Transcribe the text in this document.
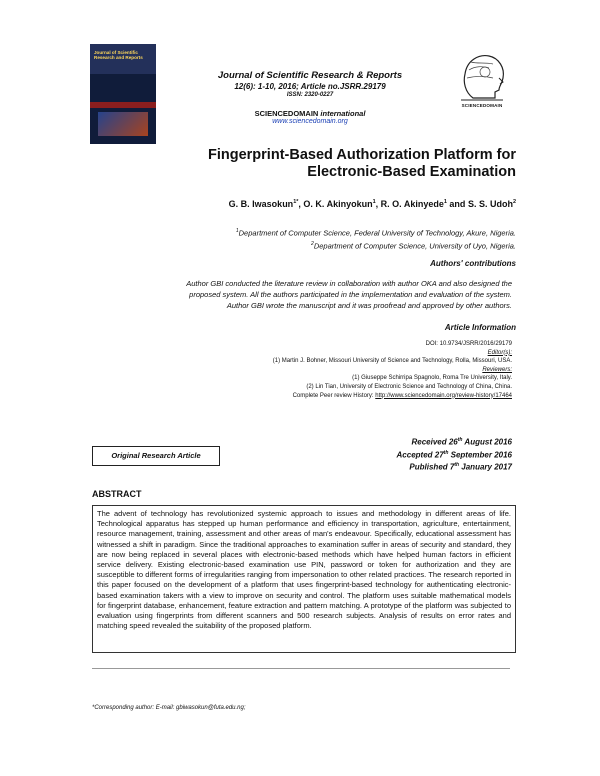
Journal of Scientific Research and Reports
Journal of Scientific Research & Reports
12(6): 1-10, 2016; Article no.JSRR.29179
ISSN: 2320-0227
SCIENCEDOMAIN international
www.sciencedomain.org
SCIENCEDOMAIN
Fingerprint-Based Authorization Platform for
Electronic-Based Examination
G. B. Iwasokun$^{1*}$, O. K. Akinyokun$^1$, R. O. Akinyede$^1$ and S. S. Udoh$^2$
$^1$Department of Computer Science, Federal University of Technology, Akure, Nigeria.
$^2$Department of Computer Science, University of Uyo, Nigeria.
Authors' contributions
Author GBI conducted the literature review in collaboration with author OKA and also designed the
proposed system. All the authors participated in the implementation and evaluation of the system.
Author GBI wrote the manuscript and it was proofread and approved by other authors.
Article Information
DOI: 10.9734/JSRR/2016/29179
Editor(s):
(1) Martin J. Bohner, Missouri University of Science and Technology, Rolla, Missouri, USA.
Reviewers:
(1) Giuseppe Schirripa Spagnolo, Roma Tre University, Italy.
(2) Lin Tian, University of Electronic Science and Technology of China, China.
Complete Peer review History: http://www.sciencedomain.org/review-history/17464
Original Research Article
Received 26th August 2016
Accepted 27th September 2016
Published 7th January 2017
ABSTRACT
The advent of technology has revolutionized systemic approach to issues and methodology in different areas of life. Technological apparatus has stepped up human performance and efficiency in transportation, agriculture, entertainment, resource management, training, assessment and other areas of man's endeavour. Specifically, educational assessment has witnessed a shift in paradigm. Since the traditional approaches to examination suffer in areas of security and standard, they are now being replaced in several places with electronic-based methods which have helped human factors in efficient service delivery. Existing electronic-based examination use PIN, password or token for authorization and they are susceptible to different forms of irregularities ranging from impersonation to other related practices. The research reported in this paper focused on the development of a platform that uses fingerprint-based technology for authenticating electronic-based examination takers with a view to improve on security and control. The platform uses suitable mathematical models for fingerprint database, enhancement, feature extraction and pattern matching. A prototype of the platform was subjected to evaluation using fingerprints from different scanners and 500 research subjects. Analysis of results on error rates and matching speed revealed the suitability of the proposed platform.
*Corresponding author: E-mail: gbiwasokun@futa.edu.ng;
